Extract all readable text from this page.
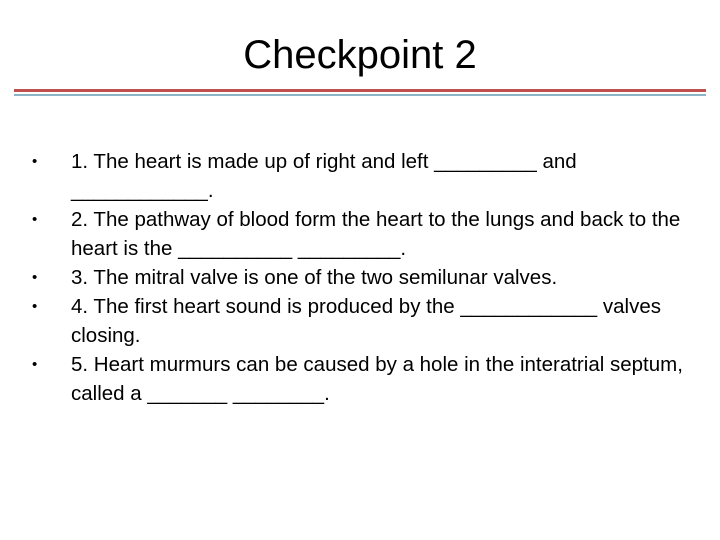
Checkpoint 2
•	1. The heart is made up of right and left _________ and ____________.
•	2. The pathway of blood form the heart to the lungs and back to the heart is the __________ _________.
•	3. The mitral valve is one of the two semilunar valves.
•	4. The first heart sound is produced by the ____________ valves closing.
•	5. Heart murmurs can be caused by a hole in the interatrial septum, called a _______ ________.
